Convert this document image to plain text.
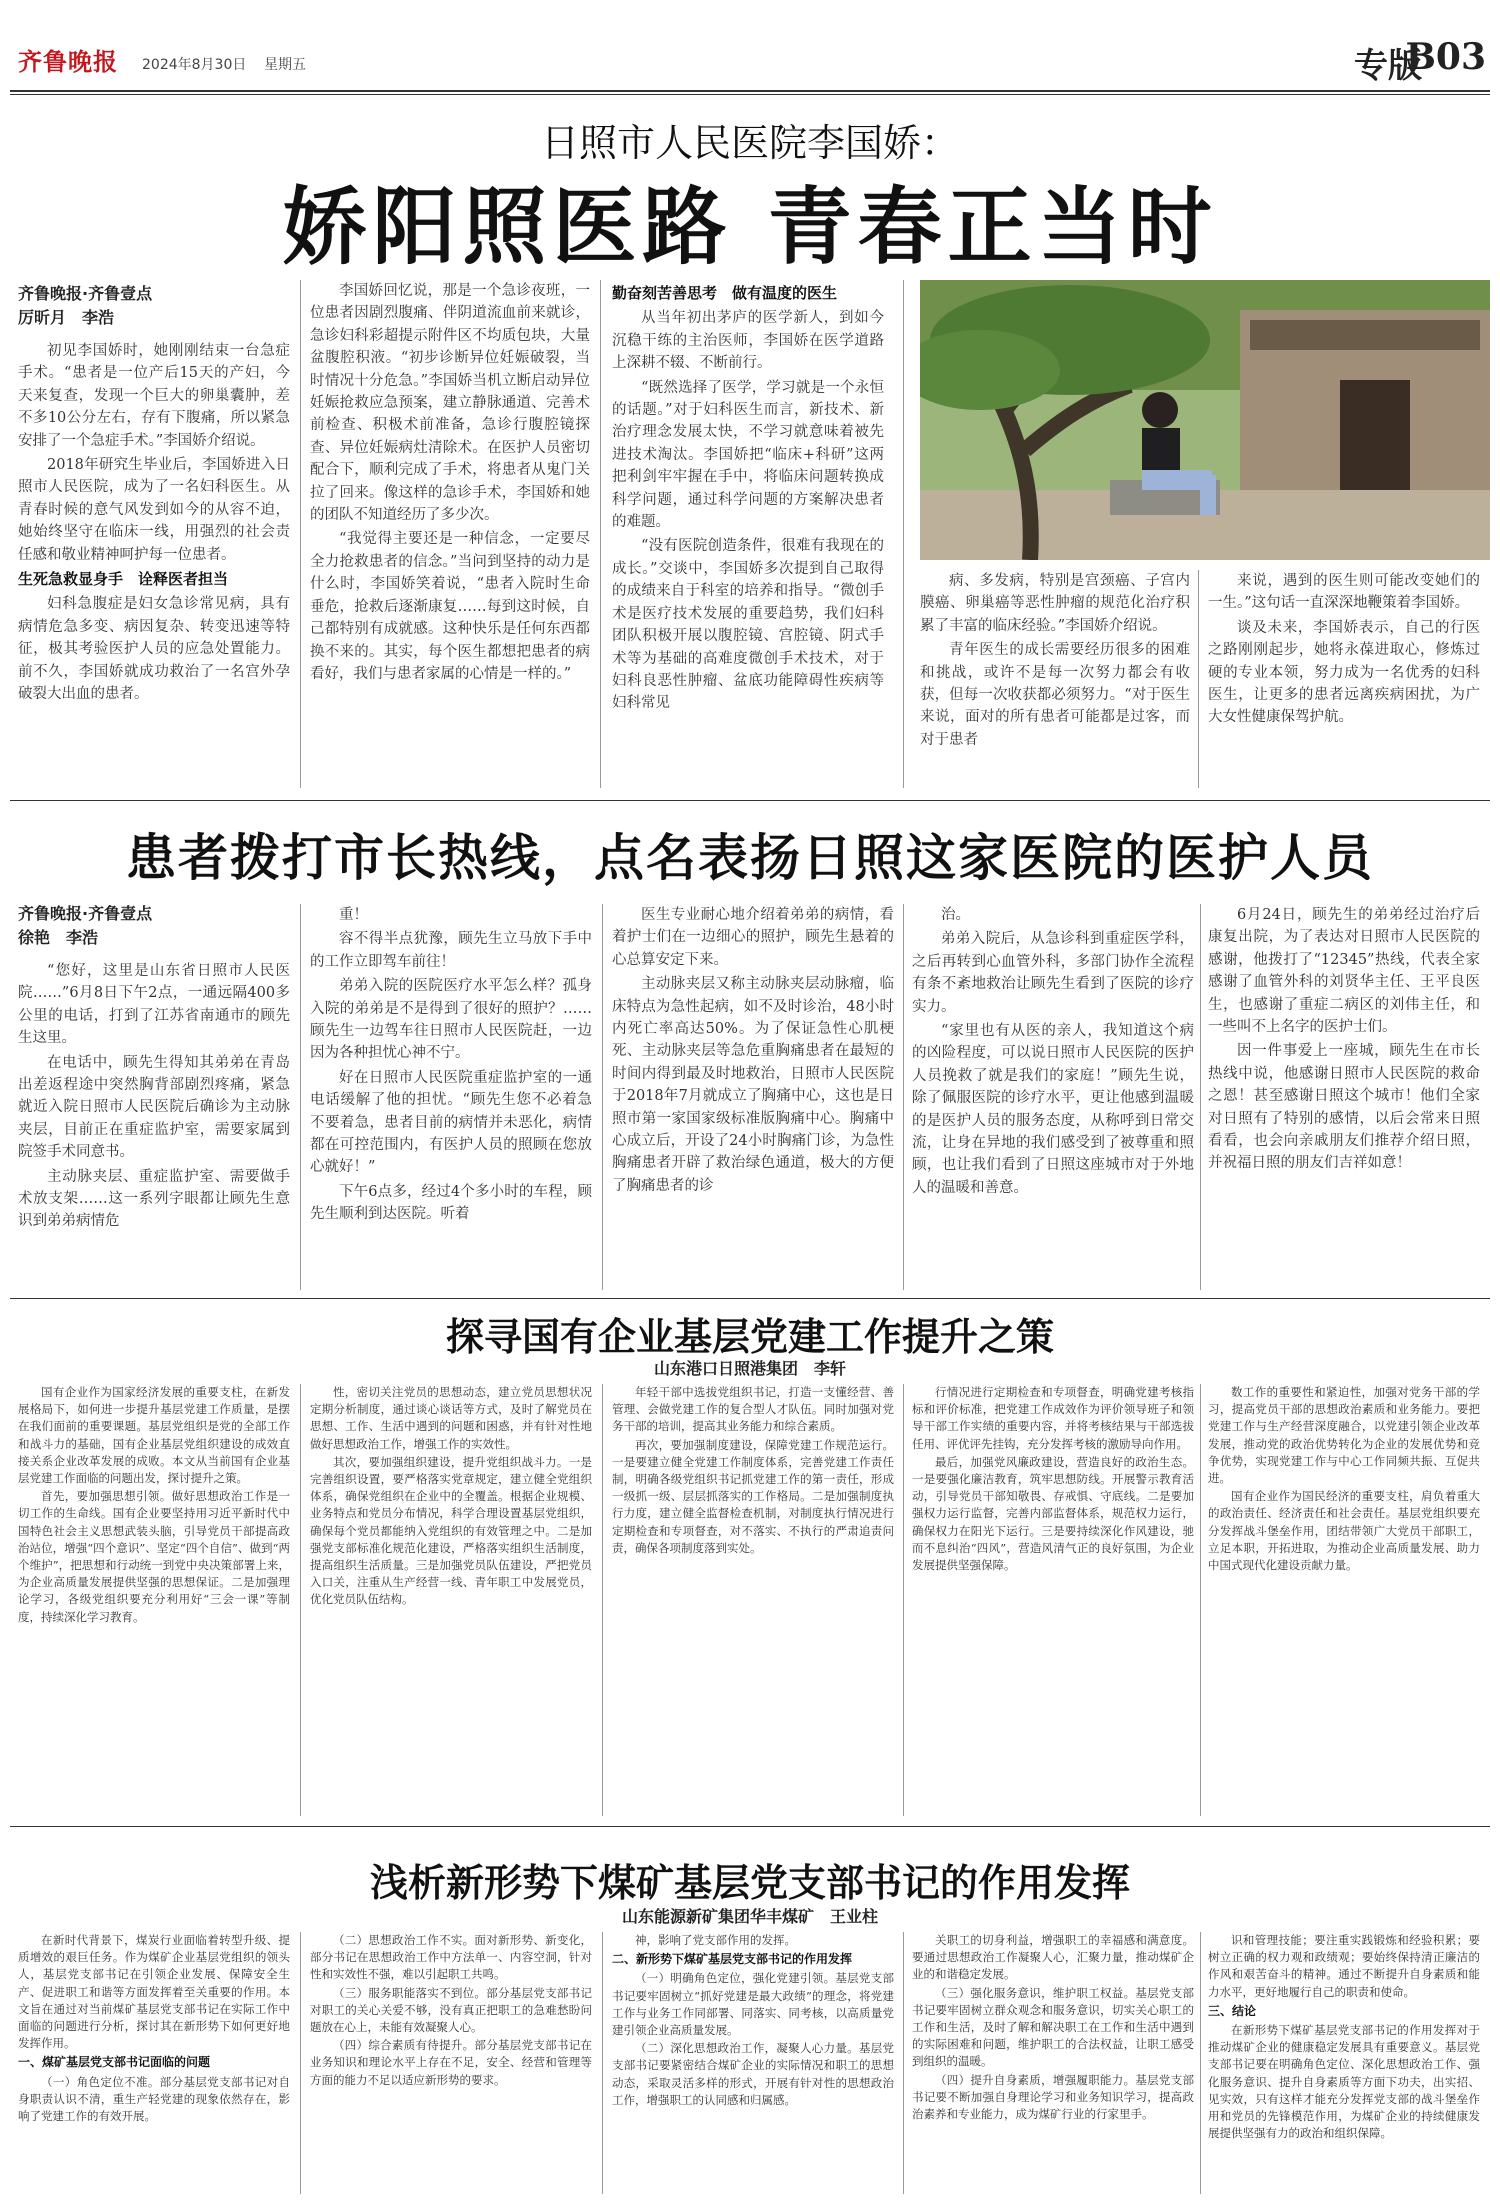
齐鲁晚报 2024年8月30日 星期五	专版
B03
日照市人民医院李国娇：
娇阳照医路 青春正当时
齐鲁晚报·齐鲁壹点
厉昕月　李浩

初见李国娇时，她刚刚结束一台急症手术。“患者是一位产后15天的产妇，今天来复查，发现一个巨大的卵巢囊肿，差不多10公分左右，存有下腹痛，所以紧急安排了一个急症手术。”李国娇介绍说。

2018年研究生毕业后，李国娇进入日照市人民医院，成为了一名妇科医生。从青春时候的意气风发到如今的从容不迫，她始终坚守在临床一线，用强烈的社会责任感和敬业精神呵护每一位患者。

生死急救显身手　诠释医者担当

妇科急腹症是妇女急诊常见病，具有病情危急多变、病因复杂、转变迅速等特征，极其考验医护人员的应急处置能力。前不久，李国娇就成功救治了一名宫外孕破裂大出血的患者。

李国娇回忆说，那是一个急诊夜班，一位患者因剧烈腹痛、伴阴道流血前来就诊，急诊妇科彩超提示附件区不均质包块，大量盆腹腔积液。“初步诊断异位妊娠破裂，当时情况十分危急。”李国娇当机立断启动异位妊娠抢救应急预案，建立静脉通道、完善术前检查、积极术前准备，急诊行腹腔镜探查、异位妊娠病灶清除术。在医护人员密切配合下，顺利完成了手术，将患者从鬼门关拉了回来。像这样的急诊手术，李国娇和她的团队不知道经历了多少次。

“我觉得主要还是一种信念，一定要尽全力抢救患者的信念。”当问到坚持的动力是什么时，李国娇笑着说，“患者入院时生命垂危，抢救后逐渐康复……每到这时候，自己都特别有成就感。这种快乐是任何东西都换不来的。其实，每个医生都想把患者的病看好，我们与患者家属的心情是一样的。”

勤奋刻苦善思考　做有温度的医生

从当年初出茅庐的医学新人，到如今沉稳干练的主治医师，李国娇在医学道路上深耕不辍、不断前行。

“既然选择了医学，学习就是一个永恒的话题。”对于妇科医生而言，新技术、新治疗理念发展太快，不学习就意味着被先进技术淘汰。李国娇把“临床+科研”这两把利剑牢牢握在手中，将临床问题转换成科学问题，通过科学问题的方案解决患者的难题。

“没有医院创造条件，很难有我现在的成长。”交谈中，李国娇多次提到自己取得的成绩来自于科室的培养和指导。“微创手术是医疗技术发展的重要趋势，我们妇科团队积极开展以腹腔镜、宫腔镜、阴式手术等为基础的高难度微创手术技术，对于妇科良恶性肿瘤、盆底功能障碍性疾病等妇科常见

病、多发病，特别是宫颈癌、子宫内膜癌、卵巢癌等恶性肿瘤的规范化治疗积累了丰富的临床经验。”李国娇介绍说。

青年医生的成长需要经历很多的困难和挑战，或许不是每一次努力都会有收获，但每一次收获都必须努力。“对于医生来说，面对的所有患者可能都是过客，而对于患者

来说，遇到的医生则可能改变她们的一生。”这句话一直深深地鞭策着李国娇。

谈及未来，李国娇表示，自己的行医之路刚刚起步，她将永葆进取心，修炼过硬的专业本领，努力成为一名优秀的妇科医生，让更多的患者远离疾病困扰，为广大女性健康保驾护航。

患者拨打市长热线，点名表扬日照这家医院的医护人员
齐鲁晚报·齐鲁壹点
徐艳　李浩

“您好，这里是山东省日照市人民医院……”6月8日下午2点，一通远隔400多公里的电话，打到了江苏省南通市的顾先生这里。

在电话中，顾先生得知其弟弟在青岛出差返程途中突然胸背部剧烈疼痛，紧急就近入院日照市人民医院后确诊为主动脉夹层，目前正在重症监护室，需要家属到院签手术同意书。

主动脉夹层、重症监护室、需要做手术放支架……这一系列字眼都让顾先生意识到弟弟病情危

重！

容不得半点犹豫，顾先生立马放下手中的工作立即驾车前往！

弟弟入院的医院医疗水平怎么样？孤身入院的弟弟是不是得到了很好的照护？……顾先生一边驾车往日照市人民医院赶，一边因为各种担忧心神不宁。

好在日照市人民医院重症监护室的一通电话缓解了他的担忧。“顾先生您不必着急不要着急，患者目前的病情并未恶化，病情都在可控范围内，有医护人员的照顾在您放心就好！”

下午6点多，经过4个多小时的车程，顾先生顺利到达医院。听着

医生专业耐心地介绍着弟弟的病情，看着护士们在一边细心的照护，顾先生悬着的心总算安定下来。

主动脉夹层又称主动脉夹层动脉瘤，临床特点为急性起病，如不及时诊治，48小时内死亡率高达50%。为了保证急性心肌梗死、主动脉夹层等急危重胸痛患者在最短的时间内得到最及时地救治，日照市人民医院于2018年7月就成立了胸痛中心，这也是日照市第一家国家级标准版胸痛中心。胸痛中心成立后，开设了24小时胸痛门诊，为急性胸痛患者开辟了救治绿色通道，极大的方便了胸痛患者的诊

治。

弟弟入院后，从急诊科到重症医学科，之后再转到心血管外科，多部门协作全流程有条不紊地救治让顾先生看到了医院的诊疗实力。

“家里也有从医的亲人，我知道这个病的凶险程度，可以说日照市人民医院的医护人员挽救了就是我们的家庭！”顾先生说，除了佩服医院的诊疗水平，更让他感到温暖的是医护人员的服务态度，从称呼到日常交流，让身在异地的我们感受到了被尊重和照顾，也让我们看到了日照这座城市对于外地人的温暖和善意。

6月24日，顾先生的弟弟经过治疗后康复出院，为了表达对日照市人民医院的感谢，他拨打了“12345”热线，代表全家感谢了血管外科的刘贤华主任、王平良医生，也感谢了重症二病区的刘伟主任，和一些叫不上名字的医护士们。

因一件事爱上一座城，顾先生在市长热线中说，他感谢日照市人民医院的救命之恩！甚至感谢日照这个城市！他们全家对日照有了特别的感情，以后会常来日照看看，也会向亲戚朋友们推荐介绍日照，并祝福日照的朋友们吉祥如意！

探寻国有企业基层党建工作提升之策
山东港口日照港集团　李轩

国有企业作为国家经济发展的重要支柱，在新发展格局下，如何进一步提升基层党建工作质量，是摆在我们面前的重要课题。基层党组织是党的全部工作和战斗力的基础，国有企业基层党组织建设的成效直接关系企业改革发展的成败。本文从当前国有企业基层党建工作面临的问题出发，探讨提升之策。

首先，要加强思想引领。做好思想政治工作是一切工作的生命线。国有企业要坚持用习近平新时代中国特色社会主义思想武装头脑，引导党员干部提高政治站位，增强“四个意识”、坚定“四个自信”、做到“两个维护”，把思想和行动统一到党中央决策部署上来，为企业高质量发展提供坚强的思想保证。二是加强理论学习，各级党组织要充分利用好“三会一课”等制度，持续深化学习教育。

性，密切关注党员的思想动态，建立党员思想状况定期分析制度，通过谈心谈话等方式，及时了解党员在思想、工作、生活中遇到的问题和困惑，并有针对性地做好思想政治工作，增强工作的实效性。

其次，要加强组织建设，提升党组织战斗力。一是完善组织设置，要严格落实党章规定，建立健全党组织体系，确保党组织在企业中的全覆盖。根据企业规模、业务特点和党员分布情况，科学合理设置基层党组织，确保每个党员都能纳入党组织的有效管理之中。二是加强党支部标准化规范化建设，严格落实组织生活制度，提高组织生活质量。三是加强党员队伍建设，严把党员入口关，注重从生产经营一线、青年职工中发展党员，优化党员队伍结构。

年轻干部中选拔党组织书记，打造一支懂经营、善管理、会做党建工作的复合型人才队伍。同时加强对党务干部的培训，提高其业务能力和综合素质。

再次，要加强制度建设，保障党建工作规范运行。一是要建立健全党建工作制度体系，完善党建工作责任制，明确各级党组织书记抓党建工作的第一责任，形成一级抓一级、层层抓落实的工作格局。二是加强制度执行力度，建立健全监督检查机制，对制度执行情况进行定期检查和专项督查，对不落实、不执行的严肃追责问责，确保各项制度落到实处。

行情况进行定期检查和专项督查，明确党建考核指标和评价标准，把党建工作成效作为评价领导班子和领导干部工作实绩的重要内容，并将考核结果与干部选拔任用、评优评先挂钩，充分发挥考核的激励导向作用。

最后，加强党风廉政建设，营造良好的政治生态。一是要强化廉洁教育，筑牢思想防线。开展警示教育活动，引导党员干部知敬畏、存戒惧、守底线。二是要加强权力运行监督，完善内部监督体系，规范权力运行，确保权力在阳光下运行。三是要持续深化作风建设，驰而不息纠治“四风”，营造风清气正的良好氛围，为企业发展提供坚强保障。

数工作的重要性和紧迫性，加强对党务干部的学习，提高党员干部的思想政治素质和业务能力。要把党建工作与生产经营深度融合，以党建引领企业改革发展，推动党的政治优势转化为企业的发展优势和竞争优势，实现党建工作与中心工作同频共振、互促共进。

国有企业作为国民经济的重要支柱，肩负着重大的政治责任、经济责任和社会责任。基层党组织要充分发挥战斗堡垒作用，团结带领广大党员干部职工，立足本职，开拓进取，为推动企业高质量发展、助力中国式现代化建设贡献力量。

浅析新形势下煤矿基层党支部书记的作用发挥
山东能源新矿集团华丰煤矿　王业柱

在新时代背景下，煤炭行业面临着转型升级、提质增效的艰巨任务。作为煤矿企业基层党组织的领头人，基层党支部书记在引领企业发展、保障安全生产、促进职工和谐等方面发挥着至关重要的作用。本文旨在通过对当前煤矿基层党支部书记在实际工作中面临的问题进行分析，探讨其在新形势下如何更好地发挥作用。

一、煤矿基层党支部书记面临的问题

（一）角色定位不准。部分基层党支部书记对自身职责认识不清，重生产轻党建的现象依然存在，影响了党建工作的有效开展。

（二）思想政治工作不实。面对新形势、新变化，部分书记在思想政治工作中方法单一、内容空洞，针对性和实效性不强，难以引起职工共鸣。

（三）服务职能落实不到位。部分基层党支部书记对职工的关心关爱不够，没有真正把职工的急难愁盼问题放在心上，未能有效凝聚人心。

（四）综合素质有待提升。部分基层党支部书记在业务知识和理论水平上存在不足，安全、经营和管理等方面的能力不足以适应新形势的要求。

神，影响了党支部作用的发挥。

二、新形势下煤矿基层党支部书记的作用发挥

（一）明确角色定位，强化党建引领。基层党支部书记要牢固树立“抓好党建是最大政绩”的理念，将党建工作与业务工作同部署、同落实、同考核，以高质量党建引领企业高质量发展。

（二）深化思想政治工作，凝聚人心力量。基层党支部书记要紧密结合煤矿企业的实际情况和职工的思想动态，采取灵活多样的形式，开展有针对性的思想政治工作，增强职工的认同感和归属感。

关职工的切身利益，增强职工的幸福感和满意度。要通过思想政治工作凝聚人心，汇聚力量，推动煤矿企业的和谐稳定发展。

（三）强化服务意识，维护职工权益。基层党支部书记要牢固树立群众观念和服务意识，切实关心职工的工作和生活，及时了解和解决职工在工作和生活中遇到的实际困难和问题，维护职工的合法权益，让职工感受到组织的温暖。

（四）提升自身素质，增强履职能力。基层党支部书记要不断加强自身理论学习和业务知识学习，提高政治素养和专业能力，成为煤矿行业的行家里手。

识和管理技能；要注重实践锻炼和经验积累；要树立正确的权力观和政绩观；要始终保持清正廉洁的作风和艰苦奋斗的精神。通过不断提升自身素质和能力水平，更好地履行自己的职责和使命。

三、结论

在新形势下煤矿基层党支部书记的作用发挥对于推动煤矿企业的健康稳定发展具有重要意义。基层党支部书记要在明确角色定位、深化思想政治工作、强化服务意识、提升自身素质等方面下功夫，出实招、见实效，只有这样才能充分发挥党支部的战斗堡垒作用和党员的先锋模范作用，为煤矿企业的持续健康发展提供坚强有力的政治和组织保障。
